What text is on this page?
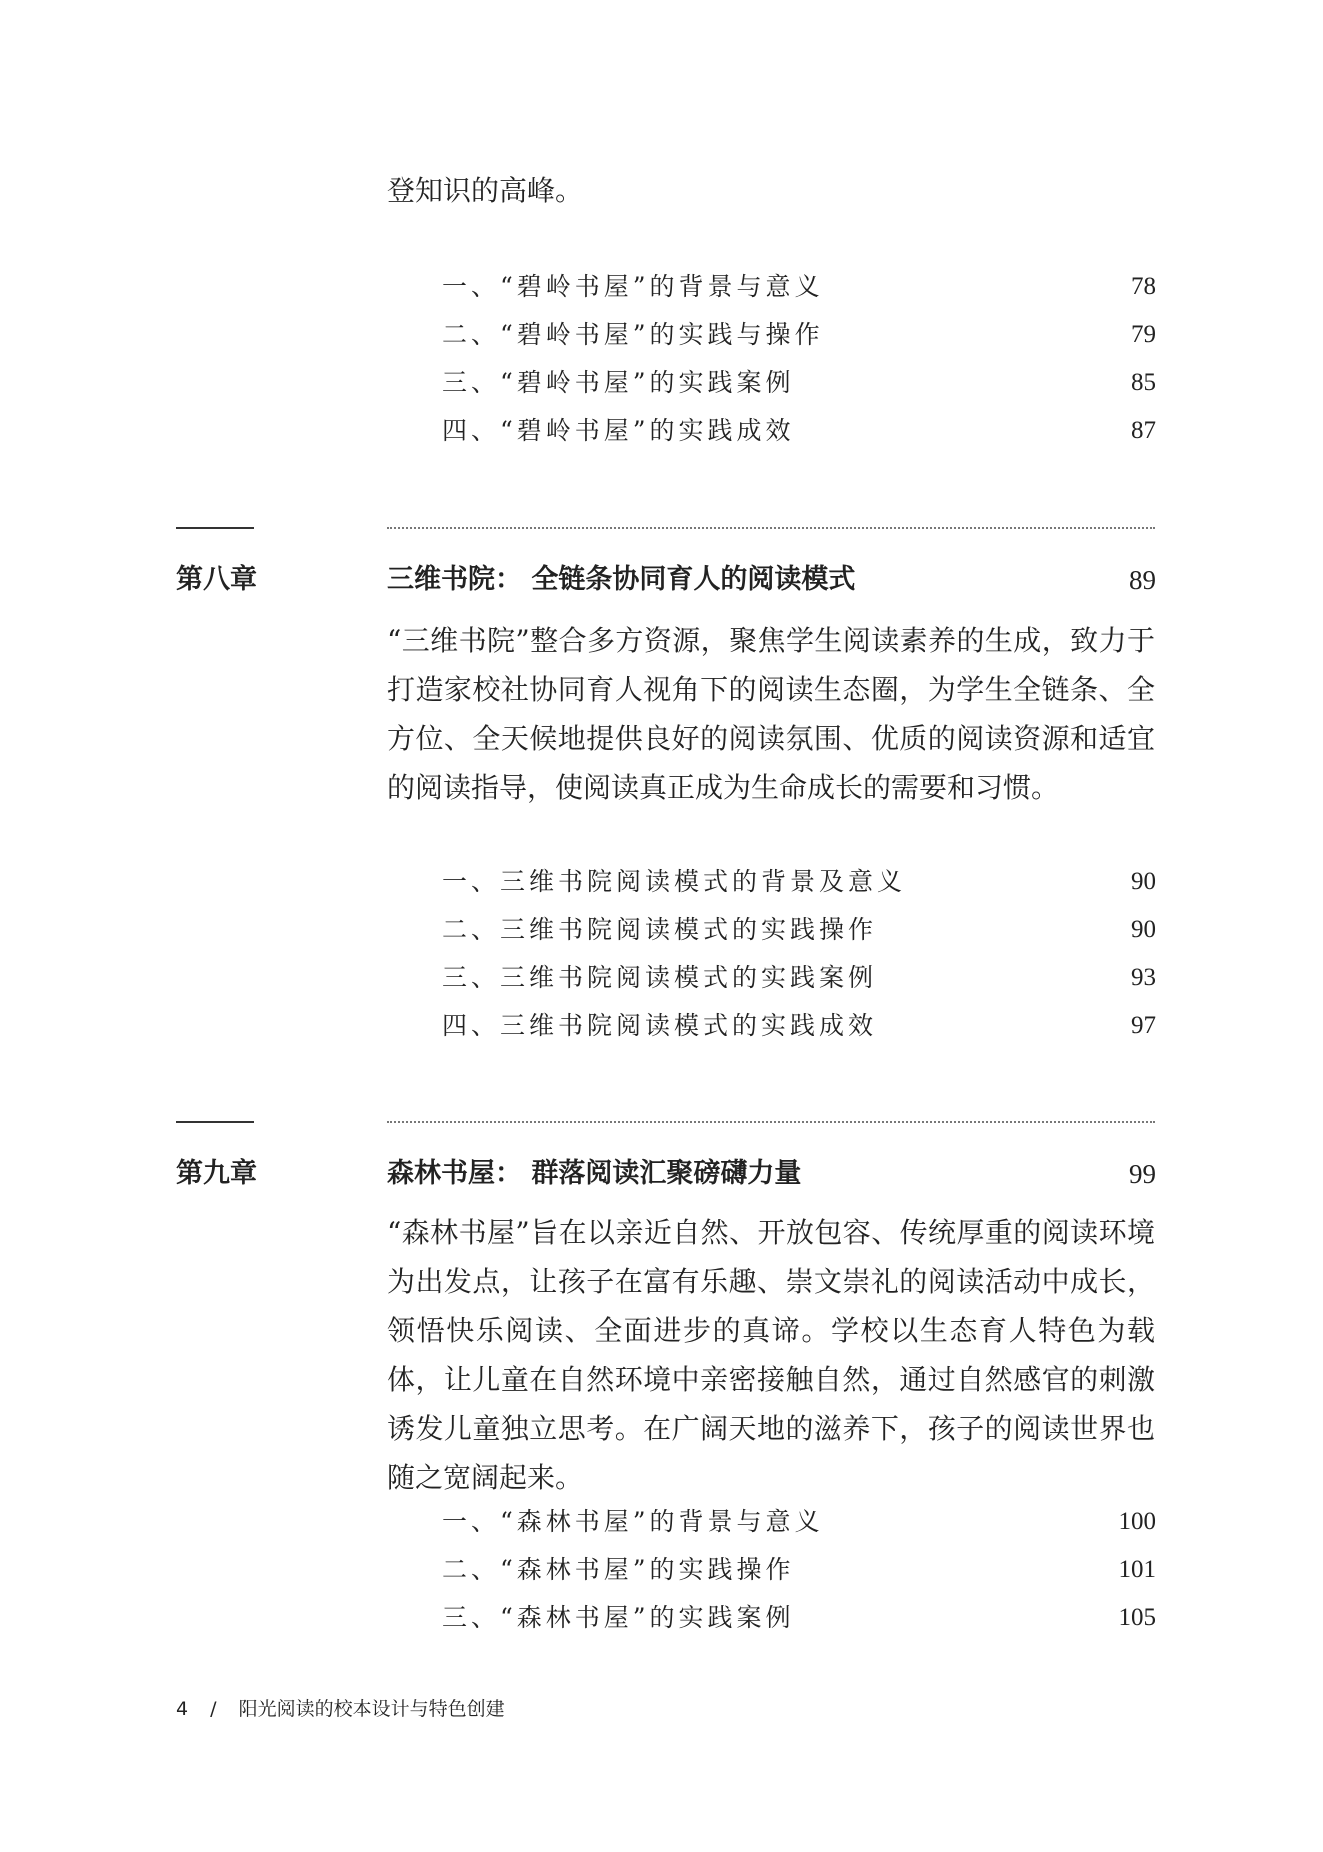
登知识的高峰。

一、“碧岭书屋”的背景与意义	78
二、“碧岭书屋”的实践与操作	79
三、“碧岭书屋”的实践案例	85
四、“碧岭书屋”的实践成效	87
第八章	三维书院： 全链条协同育人的阅读模式	89

“三维书院”整合多方资源，聚焦学生阅读素养的生成，致力于打造家校社协同育人视角下的阅读生态圈，为学生全链条、全方位、全天候地提供良好的阅读氛围、优质的阅读资源和适宜的阅读指导，使阅读真正成为生命成长的需要和习惯。

一、三维书院阅读模式的背景及意义	90
二、三维书院阅读模式的实践操作	90
三、三维书院阅读模式的实践案例	93
四、三维书院阅读模式的实践成效	97
第九章	森林书屋： 群落阅读汇聚磅礴力量	99

“森林书屋”旨在以亲近自然、开放包容、传统厚重的阅读环境为出发点，让孩子在富有乐趣、崇文崇礼的阅读活动中成长，领悟快乐阅读、全面进步的真谛。学校以生态育人特色为载体，让儿童在自然环境中亲密接触自然，通过自然感官的刺激诱发儿童独立思考。在广阔天地的滋养下，孩子的阅读世界也随之宽阔起来。

一、“森林书屋”的背景与意义	100
二、“森林书屋”的实践操作	101
三、“森林书屋”的实践案例	105
4 / 阳光阅读的校本设计与特色创建
